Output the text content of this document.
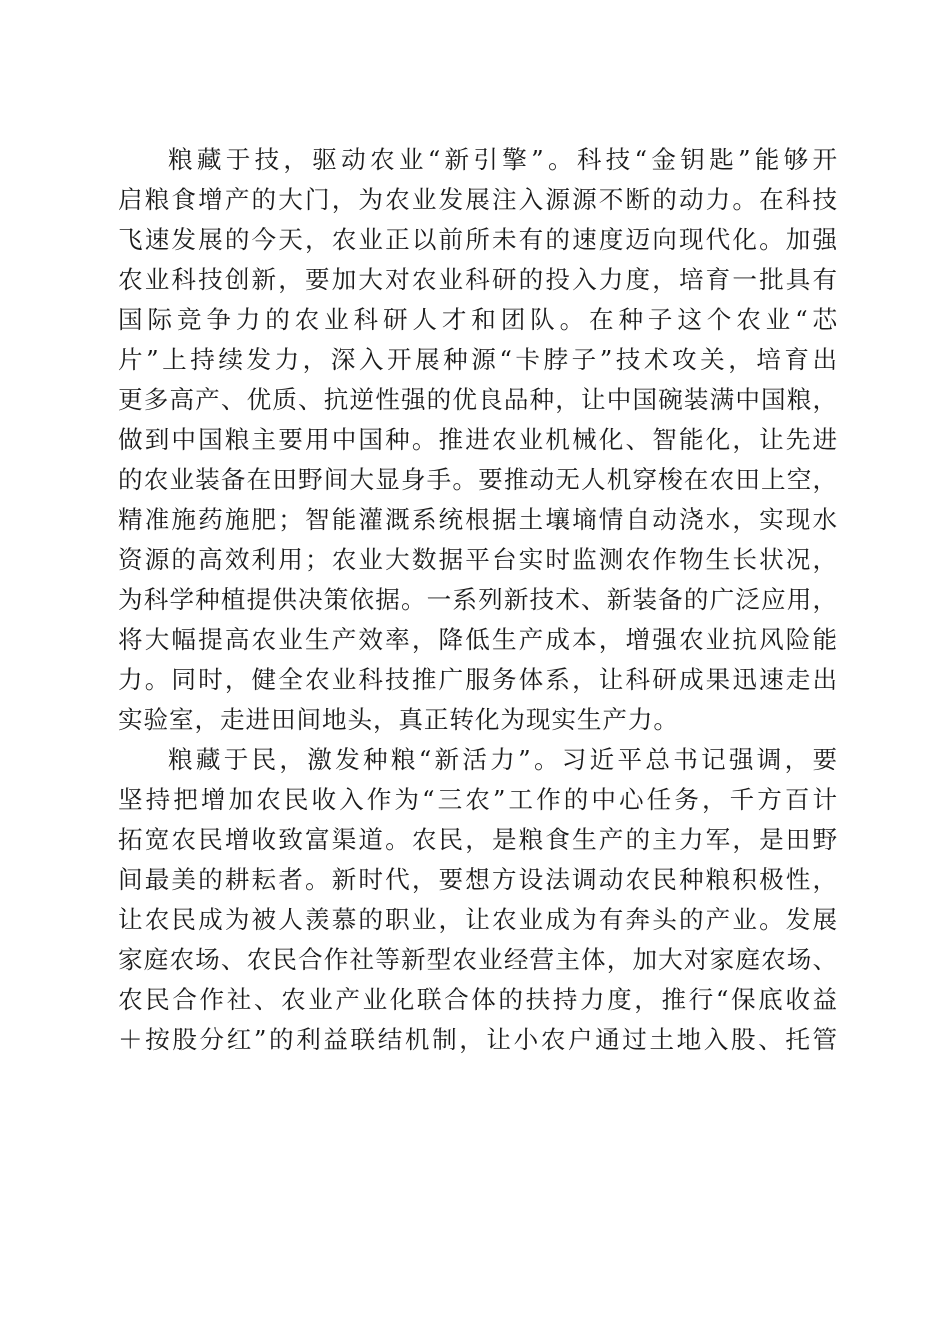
粮藏于技，驱动农业“新引擎”。科技“金钥匙”能够开
启粮食增产的大门，为农业发展注入源源不断的动力。在科技
飞速发展的今天，农业正以前所未有的速度迈向现代化。加强
农业科技创新，要加大对农业科研的投入力度，培育一批具有
国际竞争力的农业科研人才和团队。在种子这个农业“芯
片”上持续发力，深入开展种源“卡脖子”技术攻关，培育出
更多高产、优质、抗逆性强的优良品种，让中国碗装满中国粮，
做到中国粮主要用中国种。推进农业机械化、智能化，让先进
的农业装备在田野间大显身手。要推动无人机穿梭在农田上空，
精准施药施肥；智能灌溉系统根据土壤墒情自动浇水，实现水
资源的高效利用；农业大数据平台实时监测农作物生长状况，
为科学种植提供决策依据。一系列新技术、新装备的广泛应用，
将大幅提高农业生产效率，降低生产成本，增强农业抗风险能
力。同时，健全农业科技推广服务体系，让科研成果迅速走出
实验室，走进田间地头，真正转化为现实生产力。
粮藏于民，激发种粮“新活力”。习近平总书记强调，要
坚持把增加农民收入作为“三农”工作的中心任务，千方百计
拓宽农民增收致富渠道。农民，是粮食生产的主力军，是田野
间最美的耕耘者。新时代，要想方设法调动农民种粮积极性，
让农民成为被人羡慕的职业，让农业成为有奔头的产业。发展
家庭农场、农民合作社等新型农业经营主体，加大对家庭农场、
农民合作社、农业产业化联合体的扶持力度，推行“保底收益
＋按股分红”的利益联结机制，让小农户通过土地入股、托管
